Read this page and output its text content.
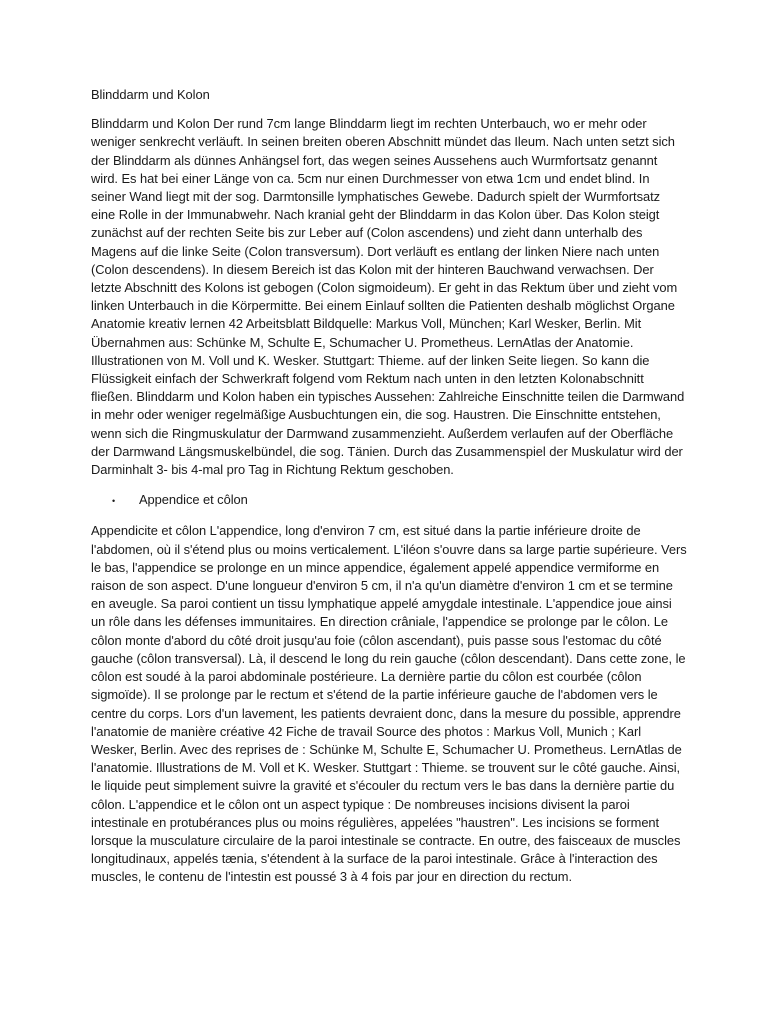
Blinddarm und Kolon
Blinddarm und Kolon Der rund 7cm lange Blinddarm liegt im rechten Unterbauch, wo er mehr oder weniger senkrecht verläuft. In seinen breiten oberen Abschnitt mündet das Ileum. Nach unten setzt sich der Blinddarm als dünnes Anhängsel fort, das wegen seines Aussehens auch Wurmfortsatz genannt wird. Es hat bei einer Länge von ca. 5cm nur einen Durchmesser von etwa 1cm und endet blind. In seiner Wand liegt mit der sog. Darmtonsille lymphatisches Gewebe. Dadurch spielt der Wurmfortsatz eine Rolle in der Immunabwehr. Nach kranial geht der Blinddarm in das Kolon über. Das Kolon steigt zunächst auf der rechten Seite bis zur Leber auf (Colon ascendens) und zieht dann unterhalb des Magens auf die linke Seite (Colon transversum). Dort verläuft es entlang der linken Niere nach unten (Colon descendens). In diesem Bereich ist das Kolon mit der hinteren Bauchwand verwachsen. Der letzte Abschnitt des Kolons ist gebogen (Colon sigmoideum). Er geht in das Rektum über und zieht vom linken Unterbauch in die Körpermitte. Bei einem Einlauf sollten die Patienten deshalb möglichst Organe Anatomie kreativ lernen 42 Arbeitsblatt Bildquelle: Markus Voll, München; Karl Wesker, Berlin. Mit Übernahmen aus: Schünke M, Schulte E, Schumacher U. Prometheus. LernAtlas der Anatomie. Illustrationen von M. Voll und K. Wesker. Stuttgart: Thieme. auf der linken Seite liegen. So kann die Flüssigkeit einfach der Schwerkraft folgend vom Rektum nach unten in den letzten Kolonabschnitt fließen. Blinddarm und Kolon haben ein typisches Aussehen: Zahlreiche Einschnitte teilen die Darmwand in mehr oder weniger regelmäßige Ausbuchtungen ein, die sog. Haustren. Die Einschnitte entstehen, wenn sich die Ringmuskulatur der Darmwand zusammenzieht. Außerdem verlaufen auf der Oberfläche der Darmwand Längsmuskelbündel, die sog. Tänien. Durch das Zusammenspiel der Muskulatur wird der Darminhalt 3- bis 4-mal pro Tag in Richtung Rektum geschoben.
•	Appendice et côlon
Appendicite et côlon L'appendice, long d'environ 7 cm, est situé dans la partie inférieure droite de l'abdomen, où il s'étend plus ou moins verticalement. L'iléon s'ouvre dans sa large partie supérieure. Vers le bas, l'appendice se prolonge en un mince appendice, également appelé appendice vermiforme en raison de son aspect. D'une longueur d'environ 5 cm, il n'a qu'un diamètre d'environ 1 cm et se termine en aveugle. Sa paroi contient un tissu lymphatique appelé amygdale intestinale. L'appendice joue ainsi un rôle dans les défenses immunitaires. En direction crâniale, l'appendice se prolonge par le côlon. Le côlon monte d'abord du côté droit jusqu'au foie (côlon ascendant), puis passe sous l'estomac du côté gauche (côlon transversal). Là, il descend le long du rein gauche (côlon descendant). Dans cette zone, le côlon est soudé à la paroi abdominale postérieure. La dernière partie du côlon est courbée (côlon sigmoïde). Il se prolonge par le rectum et s'étend de la partie inférieure gauche de l'abdomen vers le centre du corps. Lors d'un lavement, les patients devraient donc, dans la mesure du possible, apprendre l'anatomie de manière créative 42 Fiche de travail Source des photos : Markus Voll, Munich ; Karl Wesker, Berlin. Avec des reprises de : Schünke M, Schulte E, Schumacher U. Prometheus. LernAtlas de l'anatomie. Illustrations de M. Voll et K. Wesker. Stuttgart : Thieme. se trouvent sur le côté gauche. Ainsi, le liquide peut simplement suivre la gravité et s'écouler du rectum vers le bas dans la dernière partie du côlon. L'appendice et le côlon ont un aspect typique : De nombreuses incisions divisent la paroi intestinale en protubérances plus ou moins régulières, appelées "haustren". Les incisions se forment lorsque la musculature circulaire de la paroi intestinale se contracte. En outre, des faisceaux de muscles longitudinaux, appelés tænia, s'étendent à la surface de la paroi intestinale. Grâce à l'interaction des muscles, le contenu de l'intestin est poussé 3 à 4 fois par jour en direction du rectum.
